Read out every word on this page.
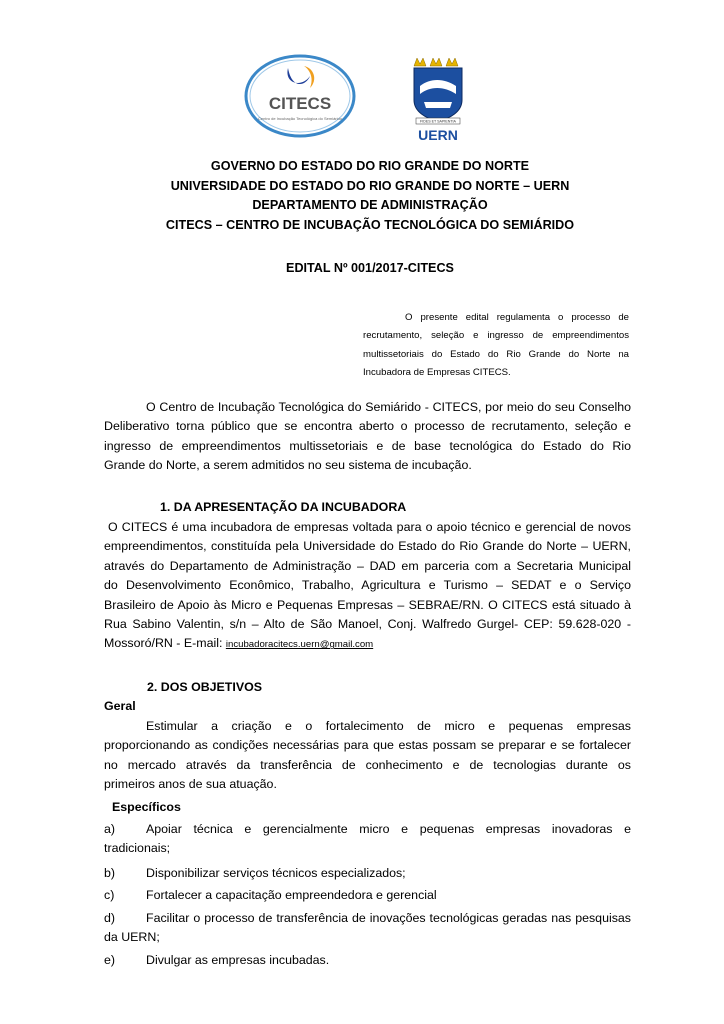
CITECS
Centro de Incubação Tecnológica do Semiárido
FIDES ET SAPIENTIA
UERN
GOVERNO DO ESTADO DO RIO GRANDE DO NORTE
UNIVERSIDADE DO ESTADO DO RIO GRANDE DO NORTE – UERN
DEPARTAMENTO DE ADMINISTRAÇÃO
CITECS – CENTRO DE INCUBAÇÃO TECNOLÓGICA DO SEMIÁRIDO
EDITAL Nº 001/2017-CITECS
O presente edital regulamenta o processo de recrutamento, seleção e ingresso de empreendimentos multissetoriais do Estado do Rio Grande do Norte na Incubadora de Empresas CITECS.
O Centro de Incubação Tecnológica do Semiárido - CITECS, por meio do seu Conselho
Deliberativo torna público que se encontra aberto o processo de recrutamento, seleção e
ingresso de empreendimentos multissetoriais e de base tecnológica do Estado do Rio
Grande do Norte, a serem admitidos no seu sistema de incubação.
1. DA APRESENTAÇÃO DA INCUBADORA
O CITECS é uma incubadora de empresas voltada para o apoio técnico e gerencial de novos
empreendimentos, constituída pela Universidade do Estado do Rio Grande do Norte – UERN,
através do Departamento de Administração – DAD em parceria com a Secretaria Municipal
do Desenvolvimento Econômico, Trabalho, Agricultura e Turismo – SEDAT e o Serviço
Brasileiro de Apoio às Micro e Pequenas Empresas – SEBRAE/RN. O CITECS está situado à
Rua Sabino Valentin, s/n – Alto de São Manoel, Conj. Walfredo Gurgel- CEP: 59.628-020 -
Mossoró/RN - E-mail: incubadoracitecs.uern@gmail.com
2. DOS OBJETIVOS
Geral
Estimular a criação e o fortalecimento de micro e pequenas empresas
proporcionando as condições necessárias para que estas possam se preparar e se fortalecer
no mercado através da transferência de conhecimento e de tecnologias durante os
primeiros anos de sua atuação.
Específicos
a) Apoiar técnica e gerencialmente micro e pequenas empresas inovadoras e
tradicionais;
b) Disponibilizar serviços técnicos especializados;
c)	Fortalecer a capacitação empreendedora e gerencial
d) Facilitar o processo de transferência de inovações tecnológicas geradas nas pesquisas
da UERN;
e) Divulgar as empresas incubadas.
